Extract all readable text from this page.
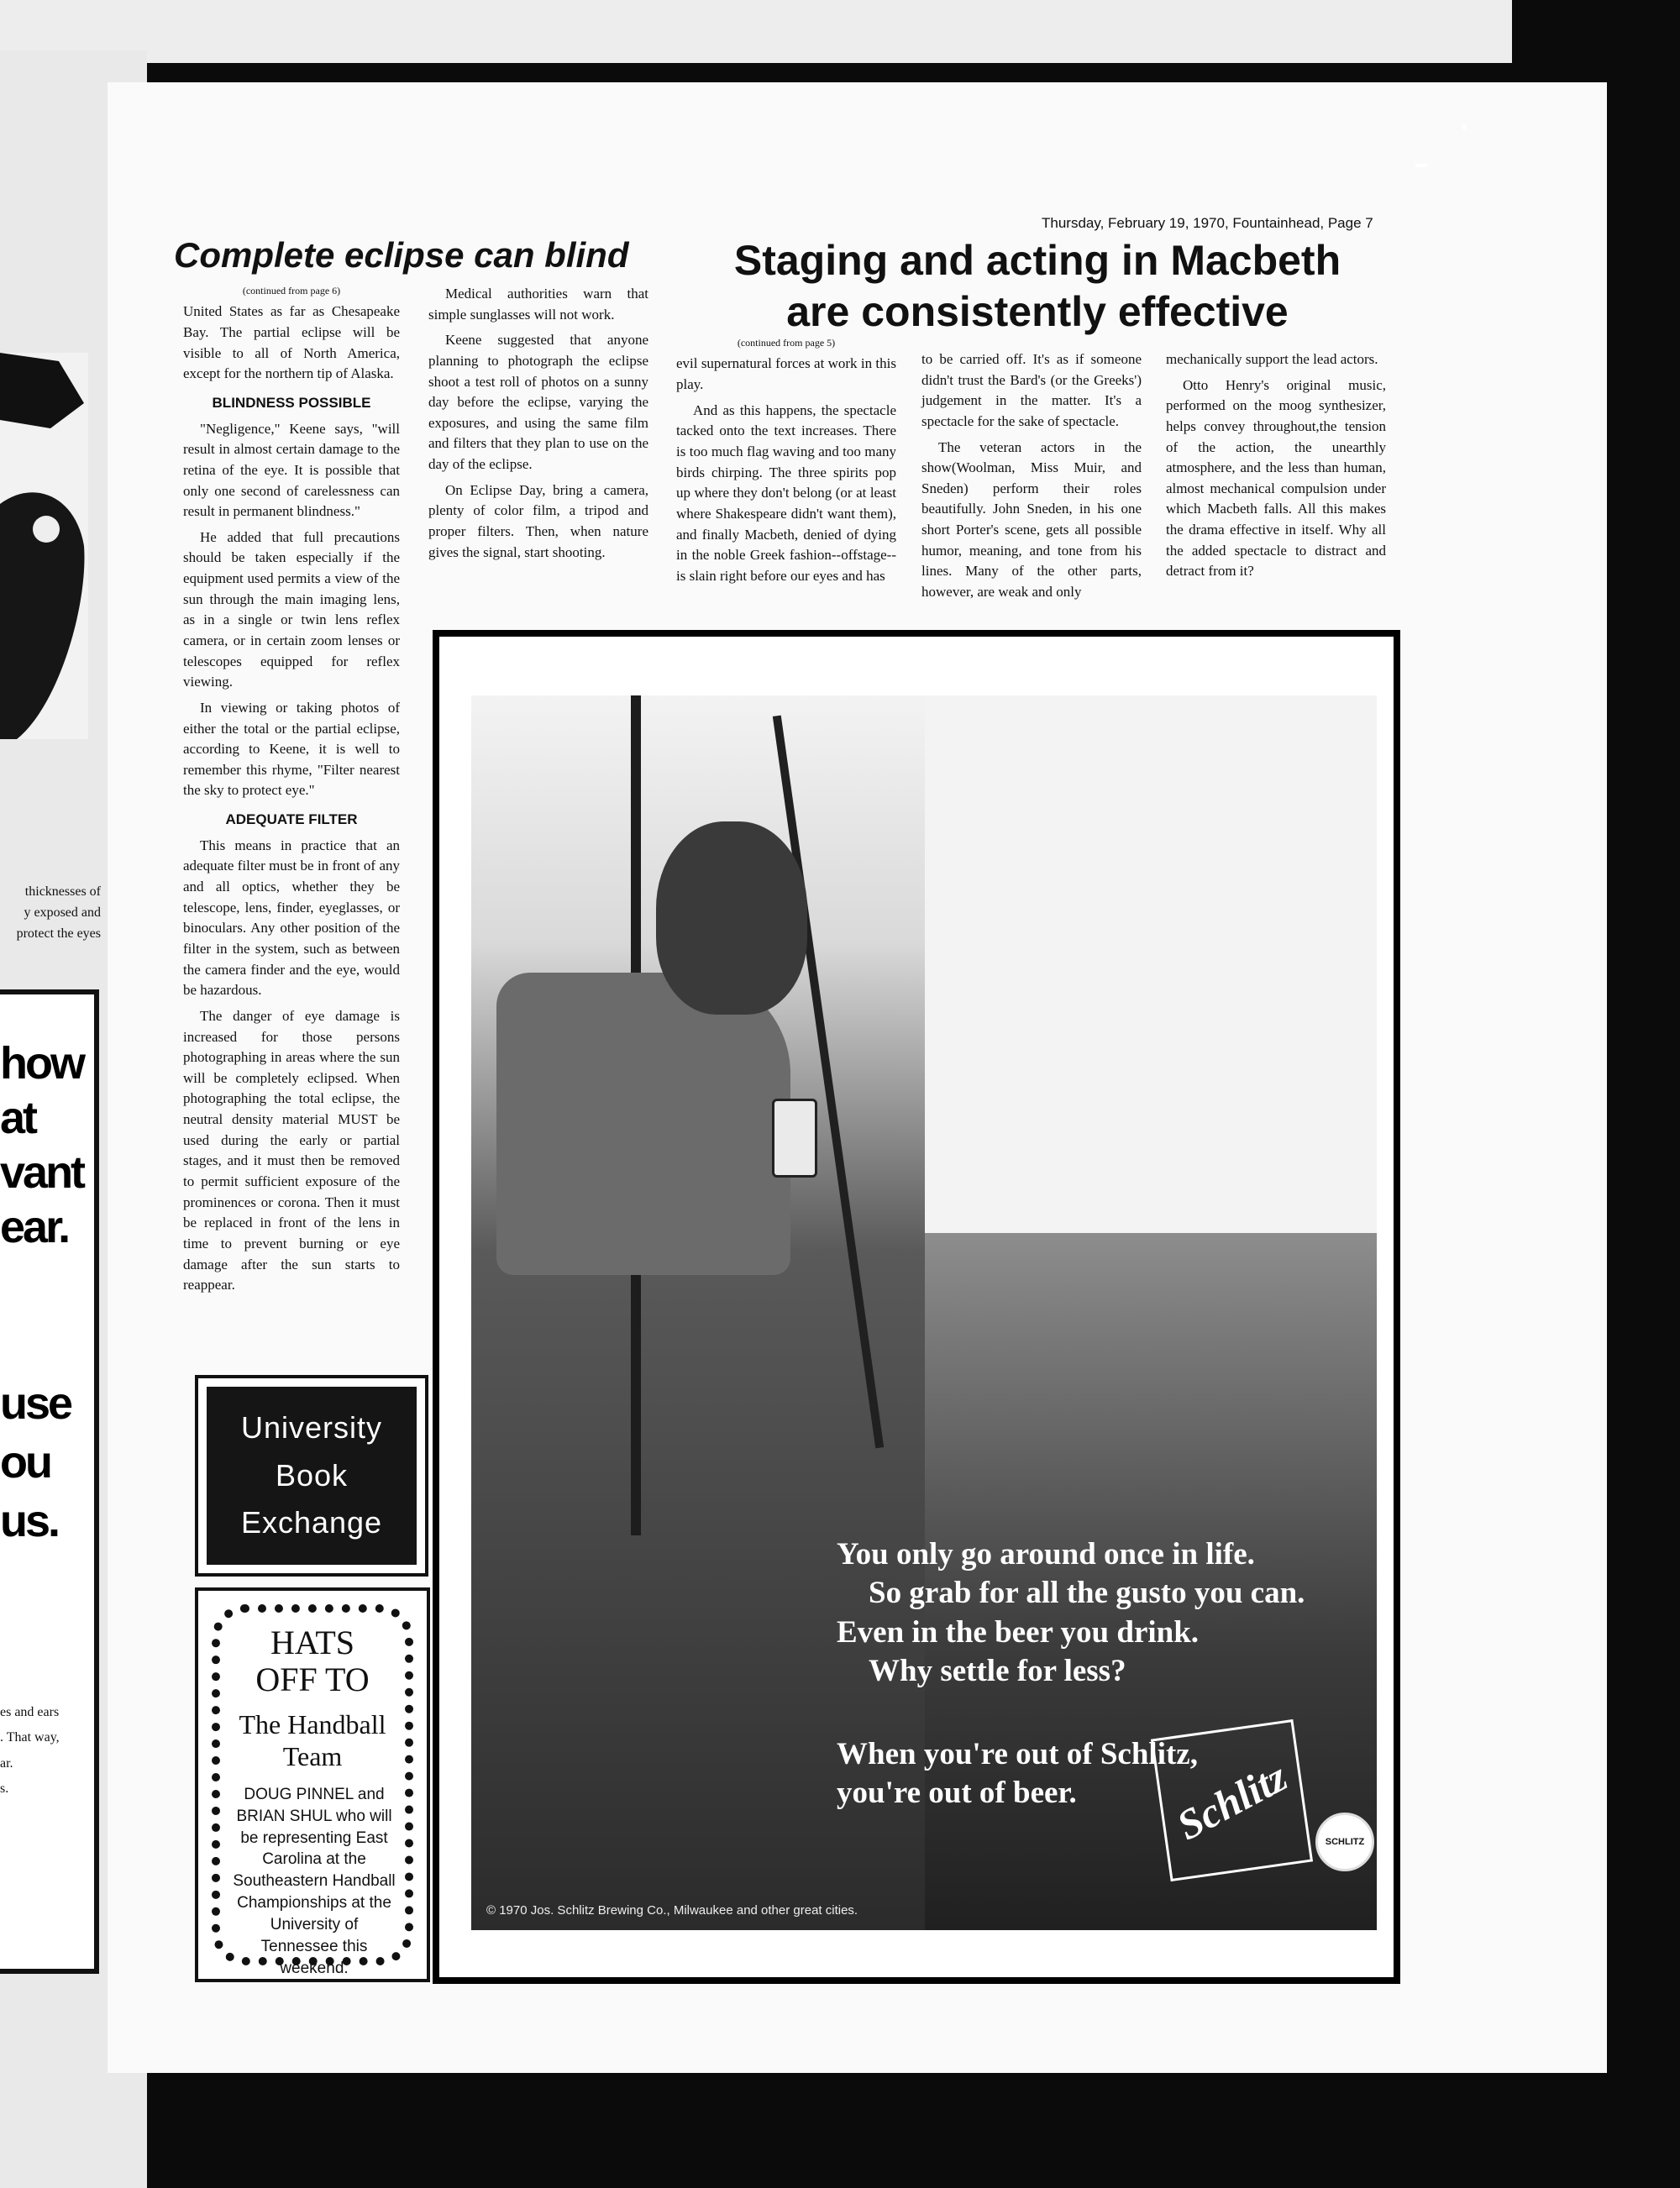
thicknesses of
y exposed and
protect the eyes
how
at
vant
ear.
use
ou
us.
es and ears
. That way,
ar.
s.
Thursday, February 19, 1970, Fountainhead, Page 7
Complete eclipse can blind	Staging and acting in Macbeth
are consistently effective

(continued from page 6)

United States as far as Chesapeake Bay. The partial eclipse will be visible to all of North America, except for the northern tip of Alaska.

BLINDNESS POSSIBLE

"Negligence," Keene says, "will result in almost certain damage to the retina of the eye. It is possible that only one second of carelessness can result in permanent blindness."

He added that full precautions should be taken especially if the equipment used permits a view of the sun through the main imaging lens, as in a single or twin lens reflex camera, or in certain zoom lenses or telescopes equipped for reflex viewing.

In viewing or taking photos of either the total or the partial eclipse, according to Keene, it is well to remember this rhyme, "Filter nearest the sky to protect eye."

ADEQUATE FILTER

This means in practice that an adequate filter must be in front of any and all optics, whether they be telescope, lens, finder, eyeglasses, or binoculars. Any other position of the filter in the system, such as between the camera finder and the eye, would be hazardous.

The danger of eye damage is increased for those persons photographing in areas where the sun will be completely eclipsed. When photographing the total eclipse, the neutral density material MUST be used during the early or partial stages, and it must then be removed to permit sufficient exposure of the prominences or corona. Then it must be replaced in front of the lens in time to prevent burning or eye damage after the sun starts to reappear.

Medical authorities warn that simple sunglasses will not work.

Keene suggested that anyone planning to photograph the eclipse shoot a test roll of photos on a sunny day before the eclipse, varying the exposures, and using the same film and filters that they plan to use on the day of the eclipse.

On Eclipse Day, bring a camera, plenty of color film, a tripod and proper filters. Then, when nature gives the signal, start shooting.

(continued from page 5)

evil supernatural forces at work in this play.

And as this happens, the spectacle tacked onto the text increases. There is too much flag waving and too many birds chirping. The three spirits pop up where they don't belong (or at least where Shakespeare didn't want them), and finally Macbeth, denied of dying in the noble Greek fashion--offstage--is slain right before our eyes and has

to be carried off. It's as if someone didn't trust the Bard's (or the Greeks') judgement in the matter. It's a spectacle for the sake of spectacle.

The veteran actors in the show(Woolman, Miss Muir, and Sneden) perform their roles beautifully. John Sneden, in his one short Porter's scene, gets all possible humor, meaning, and tone from his lines. Many of the other parts, however, are weak and only

mechanically support the lead actors.

Otto Henry's original music, performed on the moog synthesizer, helps convey throughout,the tension of the action, the unearthly atmosphere, and the less than human, almost mechanical compulsion under which Macbeth falls. All this makes the drama effective in itself. Why all the added spectacle to distract and detract from it?

You only go around once in life.
So grab for all the gusto you can.
Even in the beer you drink.
Why settle for less?
When you're out of Schlitz,
you're out of beer.	Schlitz	SCHLITZ
© 1970 Jos. Schlitz Brewing Co., Milwaukee and other great cities.
University
Book
Exchange
HATS
OFF TO
The Handball
Team
DOUG PINNEL and BRIAN SHUL who will be representing East Carolina at the Southeastern Handball Championships at the University of Tennessee this weekend.
